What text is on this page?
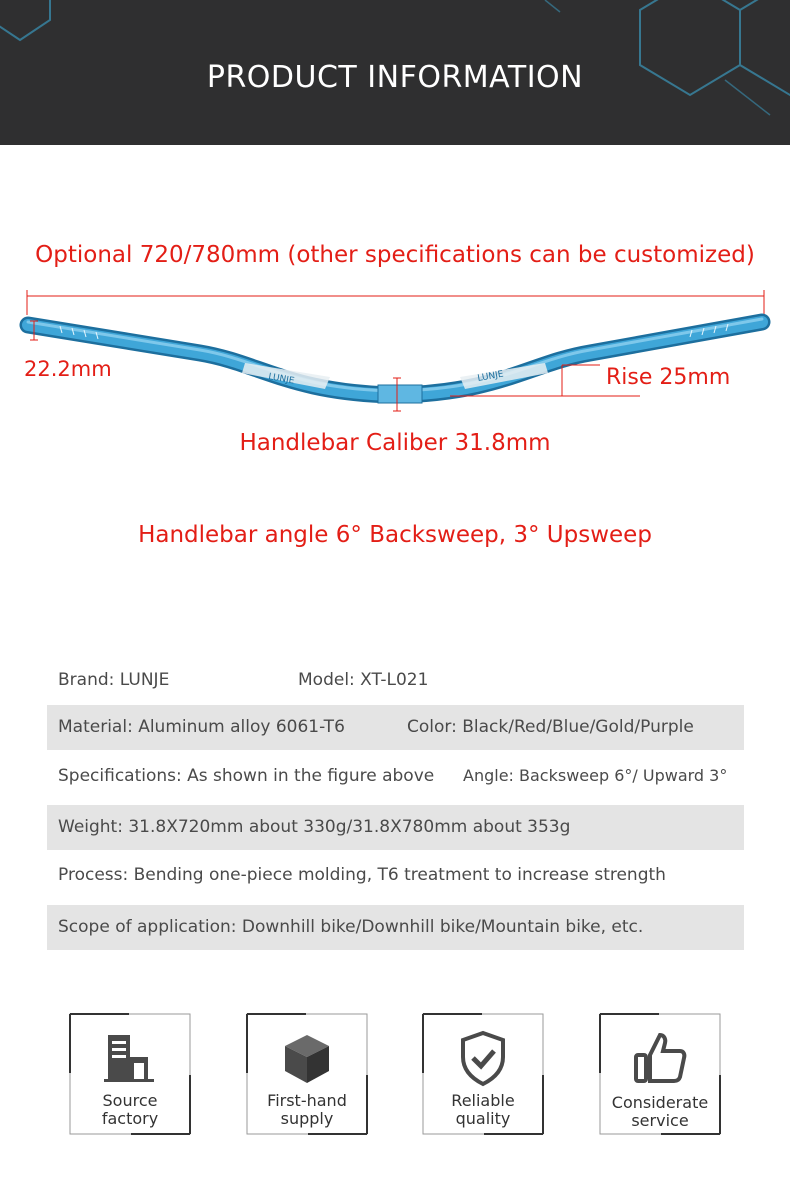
PRODUCT INFORMATION
Optional 720/780mm (other specifications can be customized)
22.2mm	Rise 25mm
Handlebar Caliber 31.8mm
Handlebar angle 6° Backsweep, 3° Upsweep
LUNJE	LUNJE
Brand: LUNJE	Model: XT-L021
Material: Aluminum alloy 6061-T6	Color: Black/Red/Blue/Gold/Purple
Specifications: As shown in the figure above Angle: Backsweep 6°/ Upward 3°
Weight: 31.8X720mm about 330g/31.8X780mm about 353g
Process: Bending one-piece molding, T6 treatment to increase strength
Scope of application: Downhill bike/Downhill bike/Mountain bike, etc.
Source
factory
First-hand
supply
Reliable
quality
Considerate
service
